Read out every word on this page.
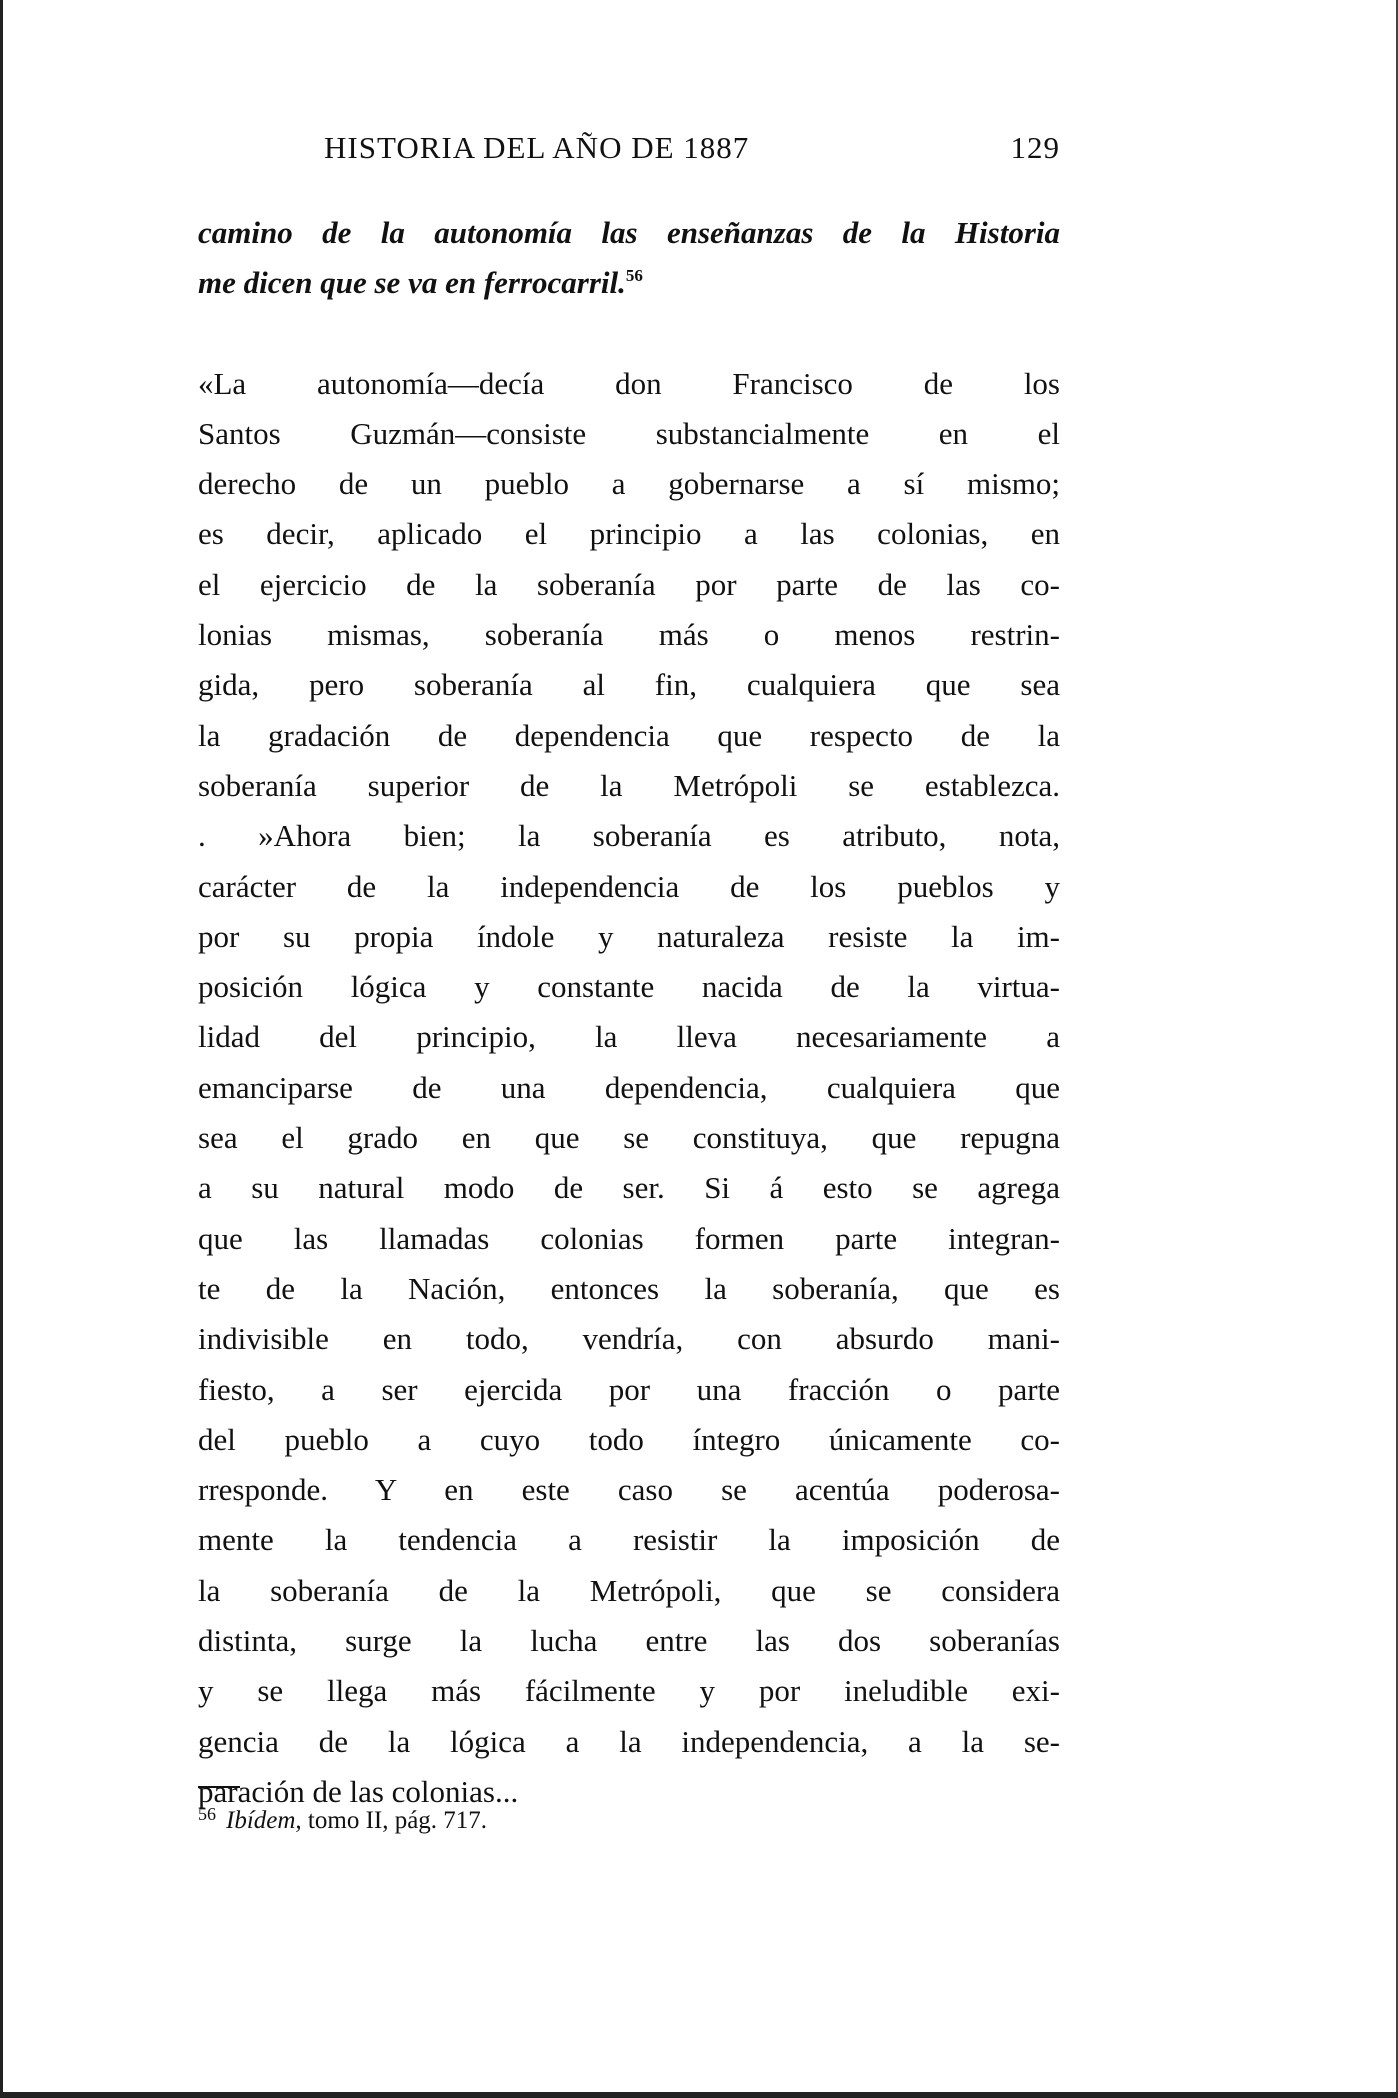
HISTORIA DEL AÑO DE 1887	129
camino de la autonomía las enseñanzas de la Historia
me dicen que se va en ferrocarril.$^{56}$
«La autonomía—decía don Francisco de los
Santos Guzmán—consiste substancialmente en el
derecho de un pueblo a gobernarse a sí mismo;
es decir, aplicado el principio a las colonias, en
el ejercicio de la soberanía por parte de las co-
lonias mismas, soberanía más o menos restrin-
gida, pero soberanía al fin, cualquiera que sea
la gradación de dependencia que respecto de la
soberanía superior de la Metrópoli se establezca.
. »Ahora bien; la soberanía es atributo, nota,
carácter de la independencia de los pueblos y
por su propia índole y naturaleza resiste la im-
posición lógica y constante nacida de la virtua-
lidad del principio, la lleva necesariamente a
emanciparse de una dependencia, cualquiera que
sea el grado en que se constituya, que repugna
a su natural modo de ser. Si á esto se agrega
que las llamadas colonias formen parte integran-
te de la Nación, entonces la soberanía, que es
indivisible en todo, vendría, con absurdo mani-
fiesto, a ser ejercida por una fracción o parte
del pueblo a cuyo todo íntegro únicamente co-
rresponde. Y en este caso se acentúa poderosa-
mente la tendencia a resistir la imposición de
la soberanía de la Metrópoli, que se considera
distinta, surge la lucha entre las dos soberanías
y se llega más fácilmente y por ineludible exi-
gencia de la lógica a la independencia, a la se-
paración de las colonias...
$^{56}$ Ibídem, tomo II, pág. 717.
